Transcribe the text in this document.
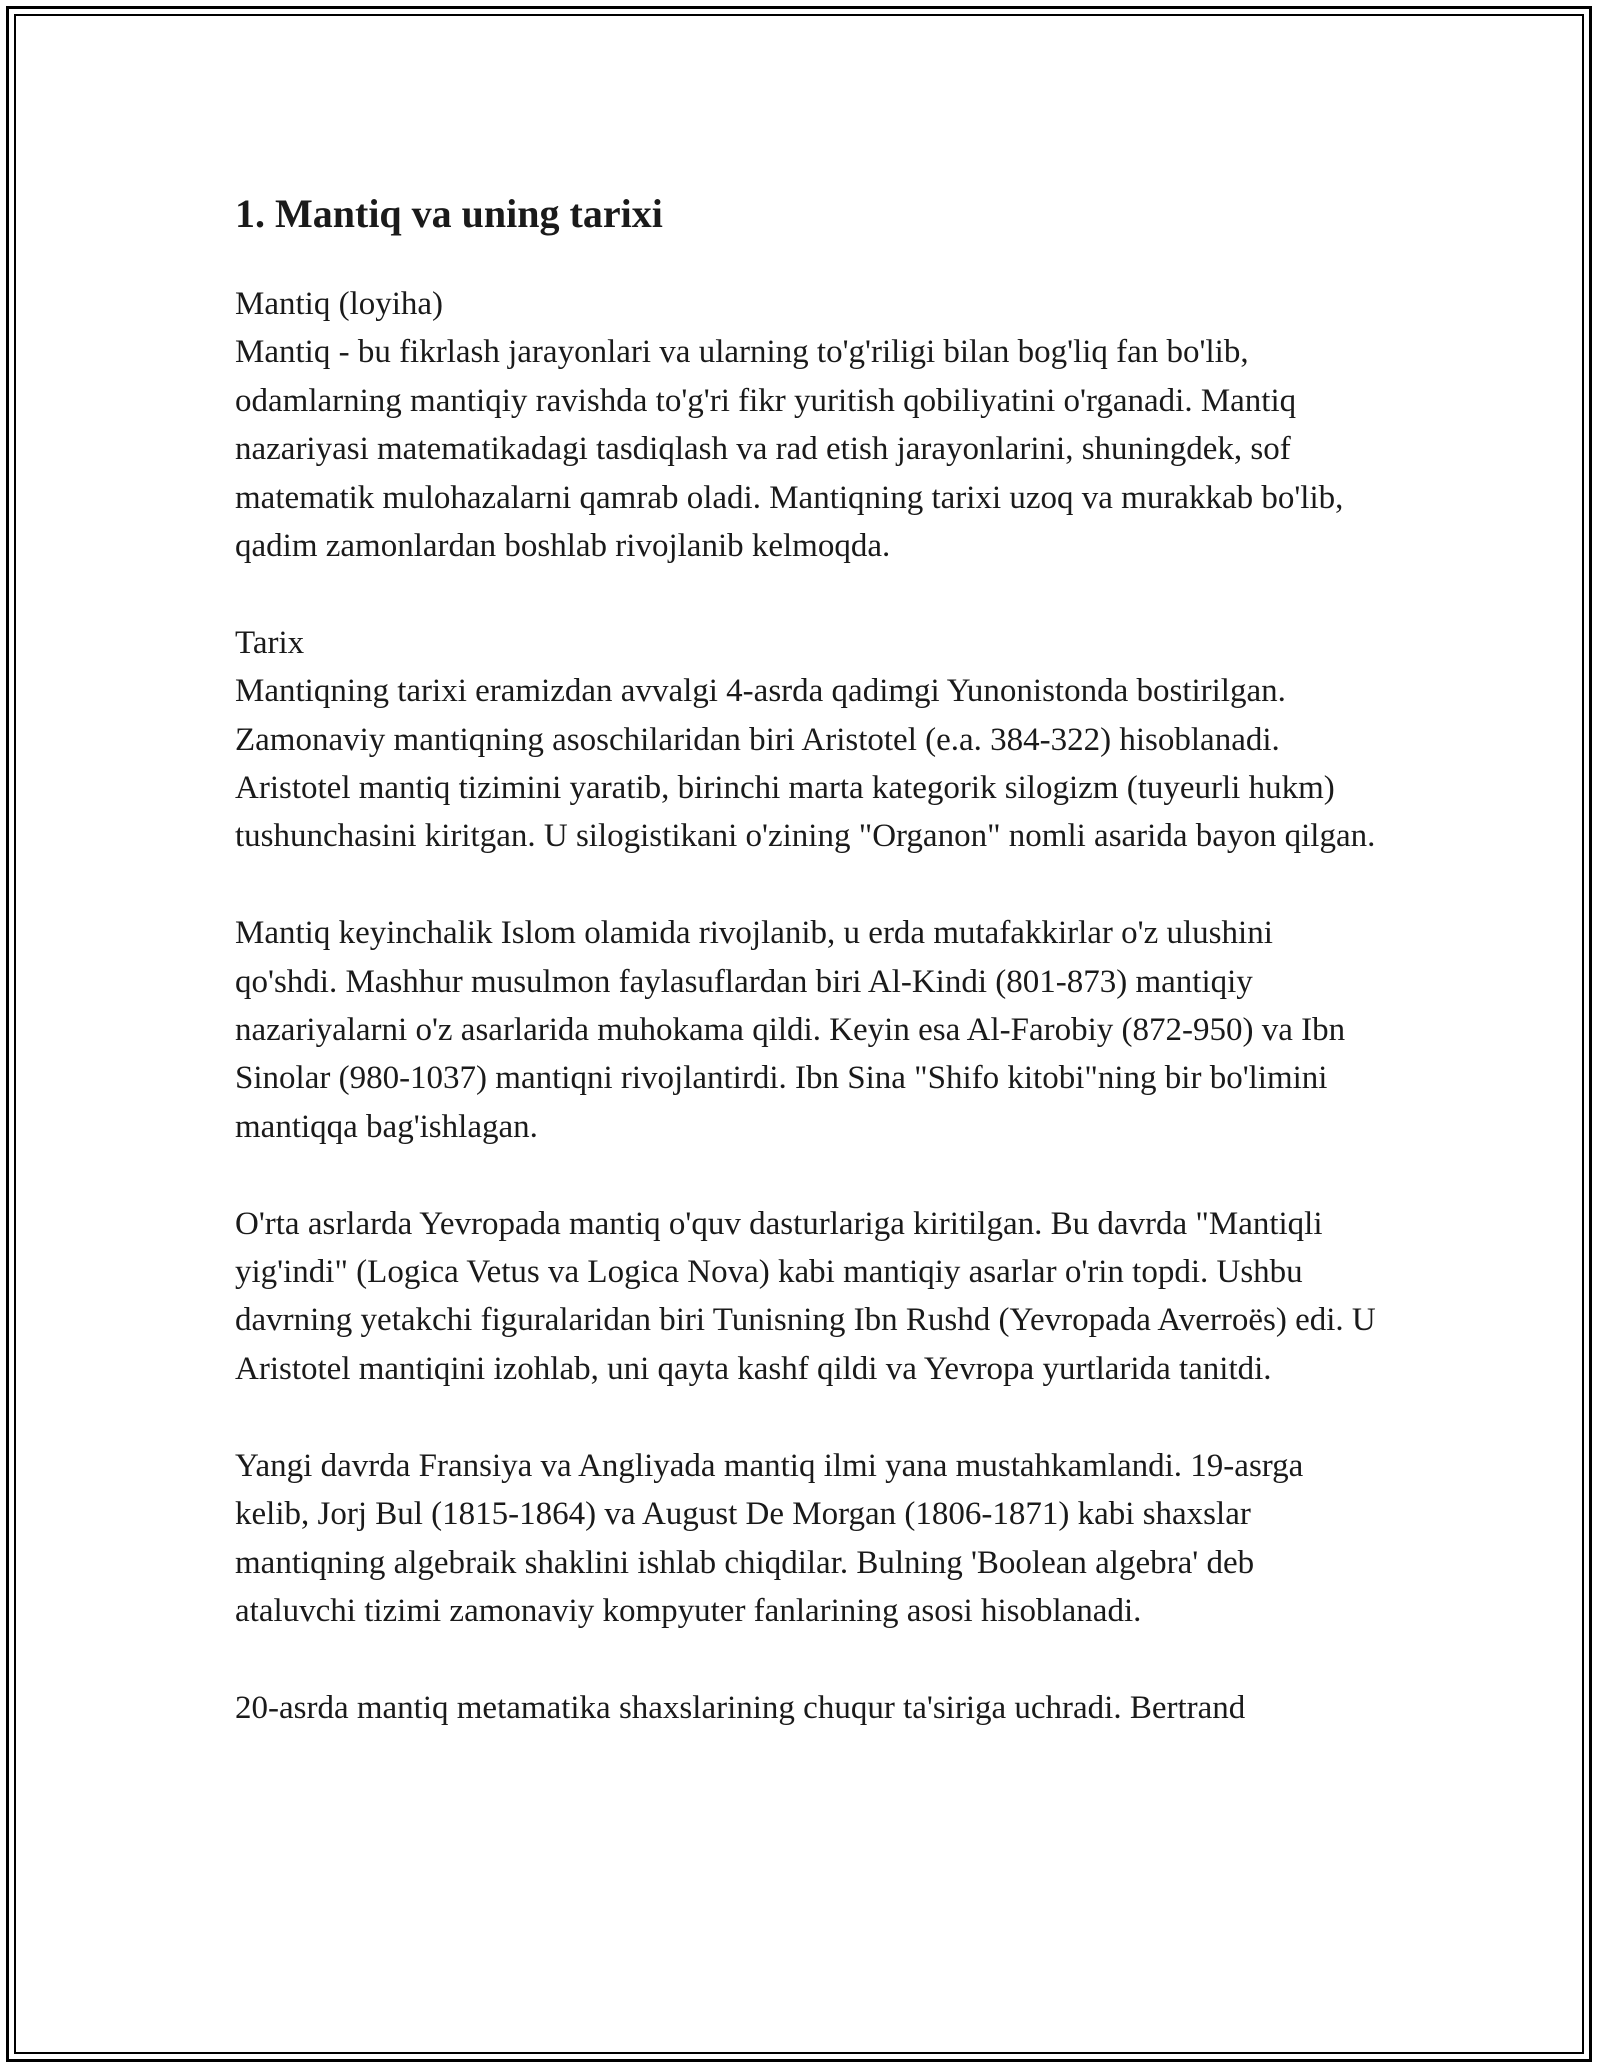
1. Mantiq va uning tarixi
Mantiq (loyiha)
Mantiq - bu fikrlash jarayonlari va ularning to'g'riligi bilan bog'liq fan bo'lib, odamlarning mantiqiy ravishda to'g'ri fikr yuritish qobiliyatini o'rganadi. Mantiq nazariyasi matematikadagi tasdiqlash va rad etish jarayonlarini, shuningdek, sof matematik mulohazalarni qamrab oladi. Mantiqning tarixi uzoq va murakkab bo'lib, qadim zamonlardan boshlab rivojlanib kelmoqda.
Tarix
Mantiqning tarixi eramizdan avvalgi 4-asrda qadimgi Yunonistonda bostirilgan. Zamonaviy mantiqning asoschilaridan biri Aristotel (e.a. 384-322) hisoblanadi. Aristotel mantiq tizimini yaratib, birinchi marta kategorik silogizm (tuyeurli hukm) tushunchasini kiritgan. U silogistikani o'zining "Organon" nomli asarida bayon qilgan.
Mantiq keyinchalik Islom olamida rivojlanib, u erda mutafakkirlar o'z ulushini qo'shdi. Mashhur musulmon faylasuflardan biri Al-Kindi (801-873) mantiqiy nazariyalarni o'z asarlarida muhokama qildi. Keyin esa Al-Farobiy (872-950) va Ibn Sinolar (980-1037) mantiqni rivojlantirdi. Ibn Sina "Shifo kitobi"ning bir bo'limini mantiqqa bag'ishlagan.
O'rta asrlarda Yevropada mantiq o'quv dasturlariga kiritilgan. Bu davrda "Mantiqli yig'indi" (Logica Vetus va Logica Nova) kabi mantiqiy asarlar o'rin topdi. Ushbu davrning yetakchi figuralaridan biri Tunisning Ibn Rushd (Yevropada Averroës) edi. U Aristotel mantiqini izohlab, uni qayta kashf qildi va Yevropa yurtlarida tanitdi.
Yangi davrda Fransiya va Angliyada mantiq ilmi yana mustahkamlandi. 19-asrga kelib, Jorj Bul (1815-1864) va August De Morgan (1806-1871) kabi shaxslar mantiqning algebraik shaklini ishlab chiqdilar. Bulning 'Boolean algebra' deb ataluvchi tizimi zamonaviy kompyuter fanlarining asosi hisoblanadi.
20-asrda mantiq metamatika shaxslarining chuqur ta'siriga uchradi. Bertrand
